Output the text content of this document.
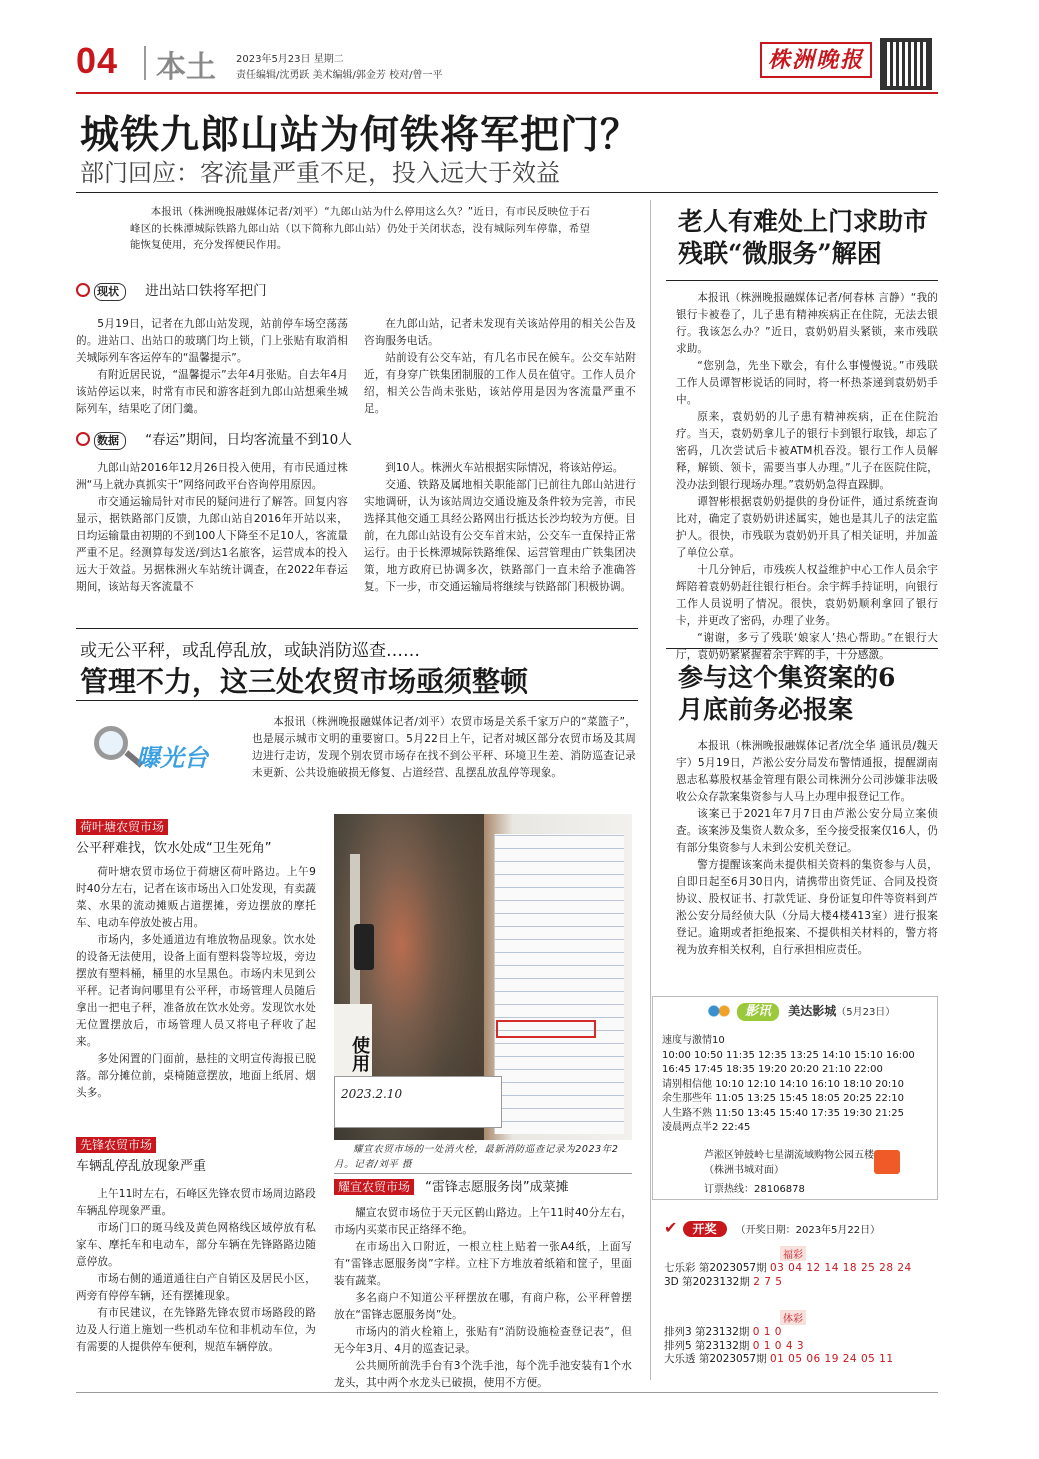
04 本土 2023年5月23日 星期二
责任编辑/沈勇跃 美术编辑/郭金芳 校对/曾一平
株洲晚报
城铁九郎山站为何铁将军把门？
部门回应：客流量严重不足，投入远大于效益

本报讯（株洲晚报融媒体记者/刘平）“九郎山站为什么停用这么久？”近日，有市民反映位于石峰区的长株潭城际铁路九郎山站（以下简称九郎山站）仍处于关闭状态，没有城际列车停靠，希望能恢复使用，充分发挥便民作用。

现状 进出站口铁将军把门

5月19日，记者在九郎山站发现，站前停车场空荡荡的。进站口、出站口的玻璃门均上锁，门上张贴有取消相关城际列车客运停车的“温馨提示”。

有附近居民说，“温馨提示”去年4月张贴。自去年4月该站停运以来，时常有市民和游客赶到九郎山站想乘坐城际列车，结果吃了闭门羹。

在九郎山站，记者未发现有关该站停用的相关公告及咨询服务电话。

站前设有公交车站，有几名市民在候车。公交车站附近，有身穿广铁集团制服的工作人员在值守。工作人员介绍，相关公告尚未张贴，该站停用是因为客流量严重不足。

数据 “春运”期间，日均客流量不到10人

九郎山站2016年12月26日投入使用，有市民通过株洲“马上就办真抓实干”网络问政平台咨询停用原因。

市交通运输局针对市民的疑问进行了解答。回复内容显示，据铁路部门反馈，九郎山站自2016年开站以来，日均运输量由初期的不到100人下降至不足10人，客流量严重不足。经测算每发送/到达1名旅客，运营成本的投入远大于效益。另据株洲火车站统计调查，在2022年春运期间，该站每天客流量不

到10人。株洲火车站根据实际情况，将该站停运。

交通、铁路及属地相关职能部门已前往九郎山站进行实地调研，认为该站周边交通设施及条件较为完善，市民选择其他交通工具经公路网出行抵达长沙均较为方便。目前，在九郎山站设有公交车首末站，公交车一直保持正常运行。由于长株潭城际铁路维保、运营管理由广铁集团决策，地方政府已协调多次，铁路部门一直未给予准确答复。下一步，市交通运输局将继续与铁路部门积极协调。

或无公平秤，或乱停乱放，或缺消防巡查……
管理不力，这三处农贸市场亟须整顿
曝光台

本报讯（株洲晚报融媒体记者/刘平）农贸市场是关系千家万户的“菜篮子”，也是展示城市文明的重要窗口。5月22日上午，记者对城区部分农贸市场及其周边进行走访，发现个别农贸市场存在找不到公平秤、环境卫生差、消防巡查记录未更新、公共设施破损无修复、占道经营、乱摆乱放乱停等现象。

荷叶塘农贸市场
公平秤难找，饮水处成“卫生死角”

荷叶塘农贸市场位于荷塘区荷叶路边。上午9时40分左右，记者在该市场出入口处发现，有卖蔬菜、水果的流动摊贩占道摆摊，旁边摆放的摩托车、电动车停放处被占用。

市场内，多处通道边有堆放物品现象。饮水处的设备无法使用，设备上面有塑料袋等垃圾，旁边摆放有塑料桶，桶里的水呈黑色。市场内未见到公平秤。记者询问哪里有公平秤，市场管理人员随后拿出一把电子秤，准备放在饮水处旁。发现饮水处无位置摆放后，市场管理人员又将电子秤收了起来。

多处闲置的门面前，悬挂的文明宣传海报已脱落。部分摊位前，桌椅随意摆放，地面上纸屑、烟头多。

先锋农贸市场
车辆乱停乱放现象严重

上午11时左右，石峰区先锋农贸市场周边路段车辆乱停现象严重。

市场门口的斑马线及黄色网格线区域停放有私家车、摩托车和电动车，部分车辆在先锋路路边随意停放。

市场右侧的通道通往白产自销区及居民小区，两旁有停停车辆，还有摆摊现象。

有市民建议，在先锋路先锋农贸市场路段的路边及人行道上施划一些机动车位和非机动车位，为有需要的人提供停车便利，规范车辆停放。

使用
2023.2.10

耀宣农贸市场的一处消火栓，最新消防巡查记录为2023年2月。记者/刘平 摄

耀宣农贸市场 “雷锋志愿服务岗”成菜摊

耀宣农贸市场位于天元区鹤山路边。上午11时40分左右，市场内买菜市民正络绎不绝。

在市场出入口附近，一根立柱上贴着一张A4纸，上面写有“雷锋志愿服务岗”字样。立柱下方堆放着纸箱和筐子，里面装有蔬菜。

多名商户不知道公平秤摆放在哪，有商户称，公平秤曾摆放在“雷锋志愿服务岗”处。

市场内的消火栓箱上，张贴有“消防设施检查登记表”，但无今年3月、4月的巡查记录。

公共厕所前洗手台有3个洗手池，每个洗手池安装有1个水龙头，其中两个水龙头已破损，使用不方便。

老人有难处上门求助市残联“微服务”解困

本报讯（株洲晚报融媒体记者/何春林 言静）“我的银行卡被卷了，儿子患有精神疾病正在住院，无法去银行。我该怎么办？”近日，袁奶奶眉头紧锁，来市残联求助。

“您别急，先坐下歇会，有什么事慢慢说。”市残联工作人员谭智彬说话的同时，将一杯热茶递到袁奶奶手中。

原来，袁奶奶的儿子患有精神疾病，正在住院治疗。当天，袁奶奶拿儿子的银行卡到银行取钱，却忘了密码，几次尝试后卡被ATM机吞没。银行工作人员解释，解锁、领卡，需要当事人办理。”儿子在医院住院，没办法到银行现场办理。”袁奶奶急得直跺脚。

谭智彬根据袁奶奶提供的身份证件，通过系统查询比对，确定了袁奶奶讲述属实，她也是其儿子的法定监护人。很快，市残联为袁奶奶开具了相关证明，并加盖了单位公章。

十几分钟后，市残疾人权益维护中心工作人员余宇辉陪着袁奶奶赶往银行柜台。余宇辉手持证明，向银行工作人员说明了情况。很快，袁奶奶顺利拿回了银行卡，并更改了密码，办理了业务。

“谢谢，多亏了残联‘娘家人’热心帮助。”在银行大厅，袁奶奶紧紧握着余宇辉的手，十分感激。

参与这个集资案的6月底前务必报案

本报讯（株洲晚报融媒体记者/沈全华 通讯员/魏天宇）5月19日，芦淞公安分局发布警情通报，提醒湖南恩志私募股权基金管理有限公司株洲分公司涉嫌非法吸收公众存款案集资参与人马上办理申报登记工作。

该案已于2021年7月7日由芦淞公安分局立案侦查。该案涉及集资人数众多，至今接受报案仅16人，仍有部分集资参与人未到公安机关登记。

警方提醒该案尚未提供相关资料的集资参与人员，自即日起至6月30日内，请携带出资凭证、合同及投资协议、股权证书、打款凭证、身份证复印件等资料到芦淞公安分局经侦大队（分局大楼4楼413室）进行报案登记。逾期或者拒绝报案、不提供相关材料的，警方将视为放弃相关权利，自行承担相应责任。

影讯 美达影城（5月23日）
速度与激情10
10:00 10:50 11:35 12:35 13:25 14:10 15:10 16:00
16:45 17:45 18:35 19:20 20:20 21:10 22:00
请别相信他 10:10 12:10 14:10 16:10 18:10 20:10
余生那些年 11:05 13:25 15:45 18:05 20:25 22:10
人生路不熟 11:50 13:45 15:40 17:35 19:30 21:25
凌晨两点半2 22:45
芦淞区钟鼓岭七星湖流域购物公园五楼（株洲书城对面）
订票热线：28106878
✔ 开奖 （开奖日期：2023年5月22日）
福彩
七乐彩 第2023057期 03 04 12 14 18 25 28 24
3D 第2023132期 2 7 5
体彩
排列3 第23132期 0 1 0
排列5 第23132期 0 1 0 4 3
大乐透 第2023057期 01 05 06 19 24 05 11
